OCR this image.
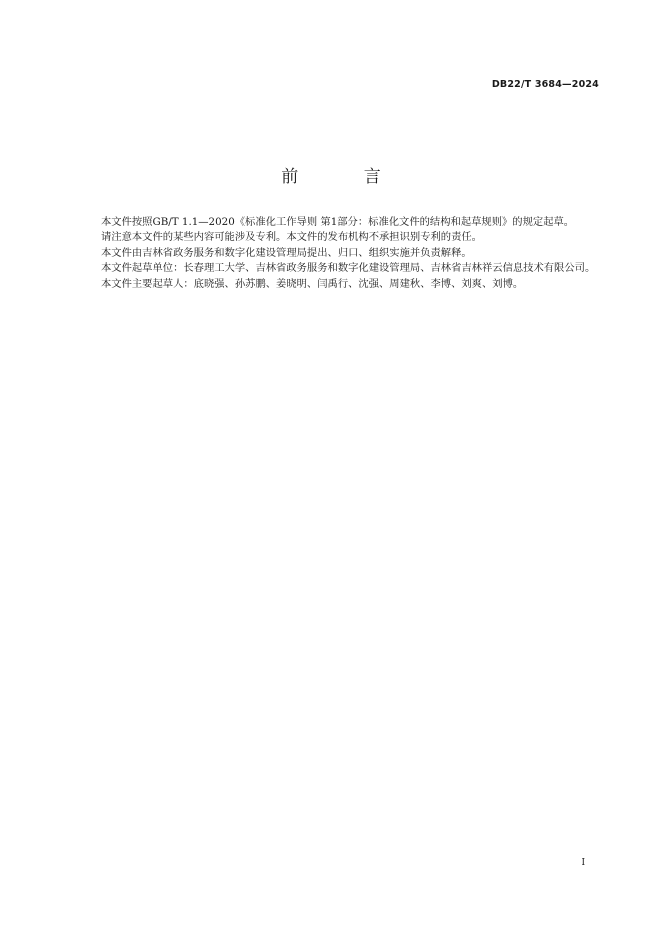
DB22/T 3684—2024
前 言

本文件按照GB/T 1.1—2020《标准化工作导则 第1部分：标准化文件的结构和起草规则》的规定起草。

请注意本文件的某些内容可能涉及专利。本文件的发布机构不承担识别专利的责任。

本文件由吉林省政务服务和数字化建设管理局提出、归口、组织实施并负责解释。

本文件起草单位：长春理工大学、吉林省政务服务和数字化建设管理局、吉林省吉林祥云信息技术有限公司。

本文件主要起草人：底晓强、孙苏鹏、姜晓明、闫禹行、沈强、周建秋、李博、刘爽、刘博。

I
